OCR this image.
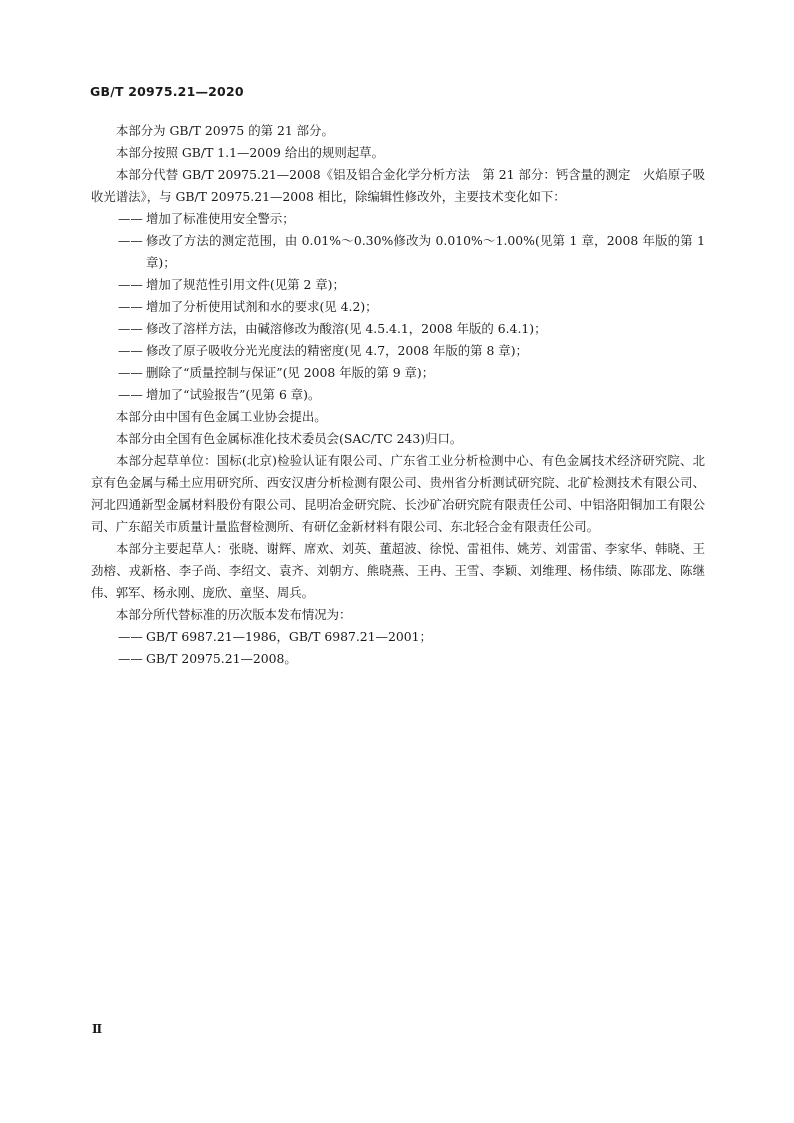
GB/T 20975.21—2020

本部分为 GB/T 20975 的第 21 部分。

本部分按照 GB/T 1.1—2009 给出的规则起草。

本部分代替 GB/T 20975.21—2008《铝及铝合金化学分析方法　第 21 部分：钙含量的测定　火焰原子吸收光谱法》，与 GB/T 20975.21—2008 相比，除编辑性修改外，主要技术变化如下：

—— 增加了标准使用安全警示；

—— 修改了方法的测定范围，由 0.01%～0.30%修改为 0.010%～1.00%(见第 1 章，2008 年版的第 1 章)；

—— 增加了规范性引用文件(见第 2 章)；

—— 增加了分析使用试剂和水的要求(见 4.2)；

—— 修改了溶样方法，由碱溶修改为酸溶(见 4.5.4.1，2008 年版的 6.4.1)；

—— 修改了原子吸收分光光度法的精密度(见 4.7，2008 年版的第 8 章)；

—— 删除了“质量控制与保证”(见 2008 年版的第 9 章)；

—— 增加了“试验报告”(见第 6 章)。

本部分由中国有色金属工业协会提出。

本部分由全国有色金属标准化技术委员会(SAC/TC 243)归口。

本部分起草单位：国标(北京)检验认证有限公司、广东省工业分析检测中心、有色金属技术经济研究院、北京有色金属与稀土应用研究所、西安汉唐分析检测有限公司、贵州省分析测试研究院、北矿检测技术有限公司、河北四通新型金属材料股份有限公司、昆明冶金研究院、长沙矿冶研究院有限责任公司、中铝洛阳铜加工有限公司、广东韶关市质量计量监督检测所、有研亿金新材料有限公司、东北轻合金有限责任公司。

本部分主要起草人：张晓、谢辉、席欢、刘英、董超波、徐悦、雷祖伟、姚芳、刘雷雷、李家华、韩晓、王劲榕、戎新格、李子尚、李绍文、袁齐、刘朝方、熊晓燕、王冉、王雪、李颖、刘维理、杨伟绩、陈邵龙、陈继伟、郭军、杨永刚、庞欣、童坚、周兵。

本部分所代替标准的历次版本发布情况为：

—— GB/T 6987.21—1986，GB/T 6987.21—2001；

—— GB/T 20975.21—2008。

Ⅱ
